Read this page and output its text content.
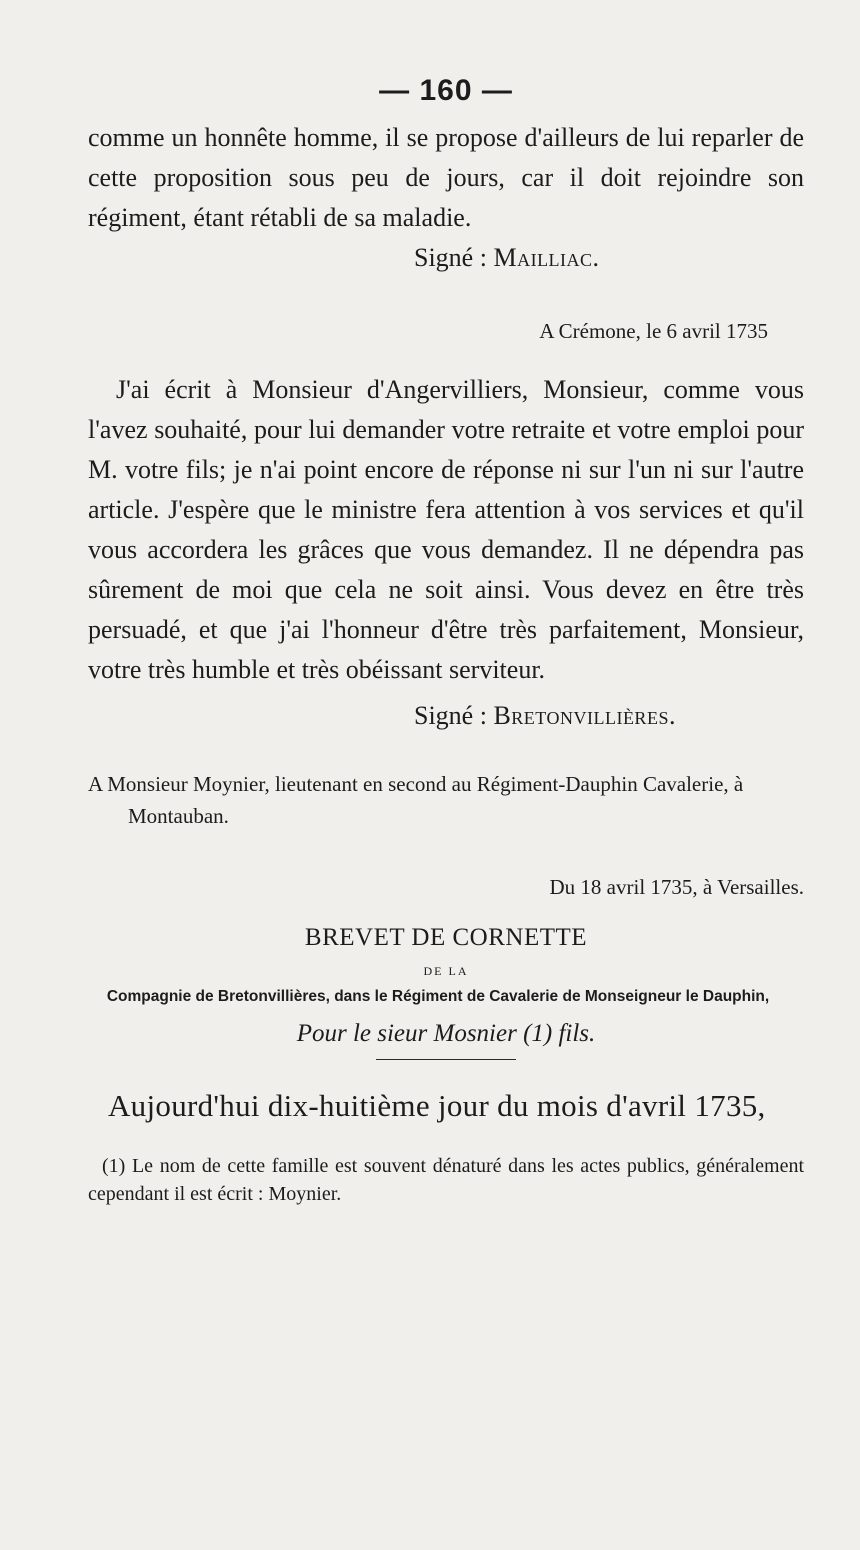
— 160 —

comme un honnête homme, il se propose d'ailleurs de lui reparler de cette proposition sous peu de jours, car il doit rejoindre son régiment, étant rétabli de sa maladie.

Signé : Mailliac.

A Crémone, le 6 avril 1735

J'ai écrit à Monsieur d'Angervilliers, Monsieur, comme vous l'avez souhaité, pour lui demander votre retraite et votre emploi pour M. votre fils; je n'ai point encore de réponse ni sur l'un ni sur l'autre article. J'espère que le ministre fera attention à vos services et qu'il vous accordera les grâces que vous demandez. Il ne dépendra pas sûrement de moi que cela ne soit ainsi. Vous devez en être très persuadé, et que j'ai l'honneur d'être très parfaitement, Monsieur, votre très humble et très obéissant serviteur.

Signé : Bretonvillières.

A Monsieur Moynier, lieutenant en second au Régiment-Dauphin Cavalerie, à Montauban.

Du 18 avril 1735, à Versailles.
BREVET DE CORNETTE
DE LA
Compagnie de Bretonvillières, dans le Régiment de Cavalerie de Monseigneur le Dauphin,
Pour le sieur Mosnier (1) fils.
Aujourd'hui dix-huitième jour du mois d'avril 1735,

(1) Le nom de cette famille est souvent dénaturé dans les actes publics, généralement cependant il est écrit : Moynier.
